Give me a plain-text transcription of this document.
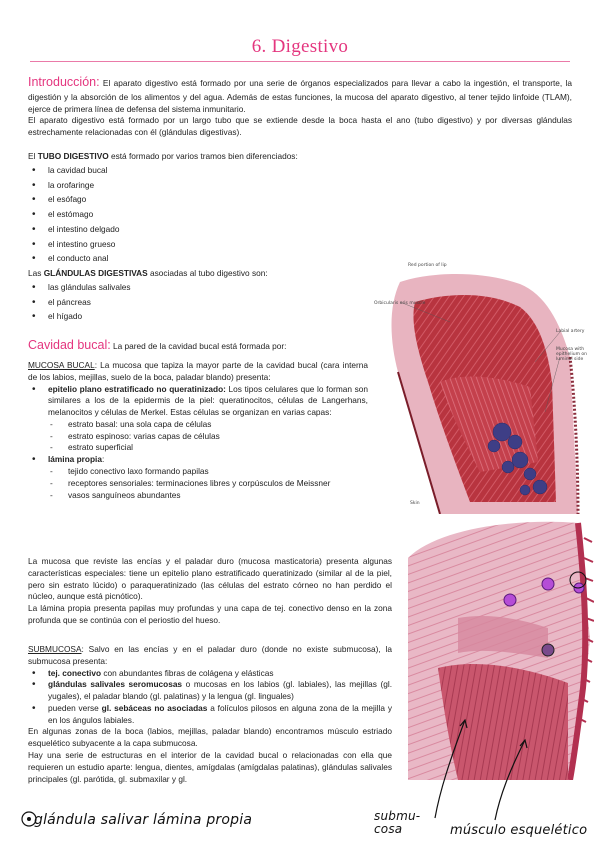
6. Digestivo

Introducción: El aparato digestivo está formado por una serie de órganos especializados para llevar a cabo la ingestión, el transporte, la digestión y la absorción de los alimentos y del agua. Además de estas funciones, la mucosa del aparato digestivo, al tener tejido linfoide (TLAM), ejerce de primera línea de defensa del sistema inmunitario.

El aparato digestivo está formado por un largo tubo que se extiende desde la boca hasta el ano (tubo digestivo) y por diversas glándulas estrechamente relacionadas con él (glándulas digestivas).

El TUBO DIGESTIVO está formado por varios tramos bien diferenciados:

• la cavidad bucal
• la orofaringe
• el esófago
• el estómago
• el intestino delgado
• el intestino grueso
• el conducto anal

Las GLÁNDULAS DIGESTIVAS asociadas al tubo digestivo son:

• las glándulas salivales
• el páncreas
• el hígado

Cavidad bucal: La pared de la cavidad bucal está formada por:

MUCOSA BUCAL: La mucosa que tapiza la mayor parte de la cavidad bucal (cara interna de los labios, mejillas, suelo de la boca, paladar blando) presenta:

• epitelio plano estratificado no queratinizado: Los tipos celulares que lo forman son similares a los de la epidermis de la piel: queratinocitos, células de Langerhans, melanocitos y células de Merkel. Estas células se organizan en varias capas:

- estrato basal: una sola capa de células
- estrato espinoso: varias capas de células
- estrato superficial
• lámina propia:
- tejido conectivo laxo formando papilas
- receptores sensoriales: terminaciones libres y corpúsculos de Meissner
- vasos sanguíneos abundantes

La mucosa que reviste las encías y el paladar duro (mucosa masticatoria) presenta algunas características especiales: tiene un epitelio plano estratificado queratinizado (similar al de la piel, pero sin estrato lúcido) o paraqueratinizado (las células del estrato córneo no han perdido el núcleo, aunque está picnótico).

La lámina propia presenta papilas muy profundas y una capa de tej. conectivo denso en la zona profunda que se continúa con el periostio del hueso.

SUBMUCOSA: Salvo en las encías y en el paladar duro (donde no existe submucosa), la submucosa presenta:

• tej. conectivo con abundantes fibras de colágena y elásticas

• glándulas salivales seromucosas o mucosas en los labios (gl. labiales), las mejillas (gl. yugales), el paladar blando (gl. palatinas) y la lengua (gl. linguales)

• pueden verse gl. sebáceas no asociadas a folículos pilosos en alguna zona de la mejilla y en los ángulos labiales.

En algunas zonas de la boca (labios, mejillas, paladar blando) encontramos músculo estriado esquelético subyacente a la capa submucosa.

Hay una serie de estructuras en el interior de la cavidad bucal o relacionadas con ella que requieren un estudio aparte: lengua, dientes, amígdalas (amígdalas palatinas), glándulas salivales principales (gl. parótida, gl. submaxilar y gl.

Red portion of lip
Orbicularis oris muscle
Labial artery
Mucosa with epithelium on luminal side
Skin
glándula salivar lámina propia	submu- cosa	músculo esquelético
